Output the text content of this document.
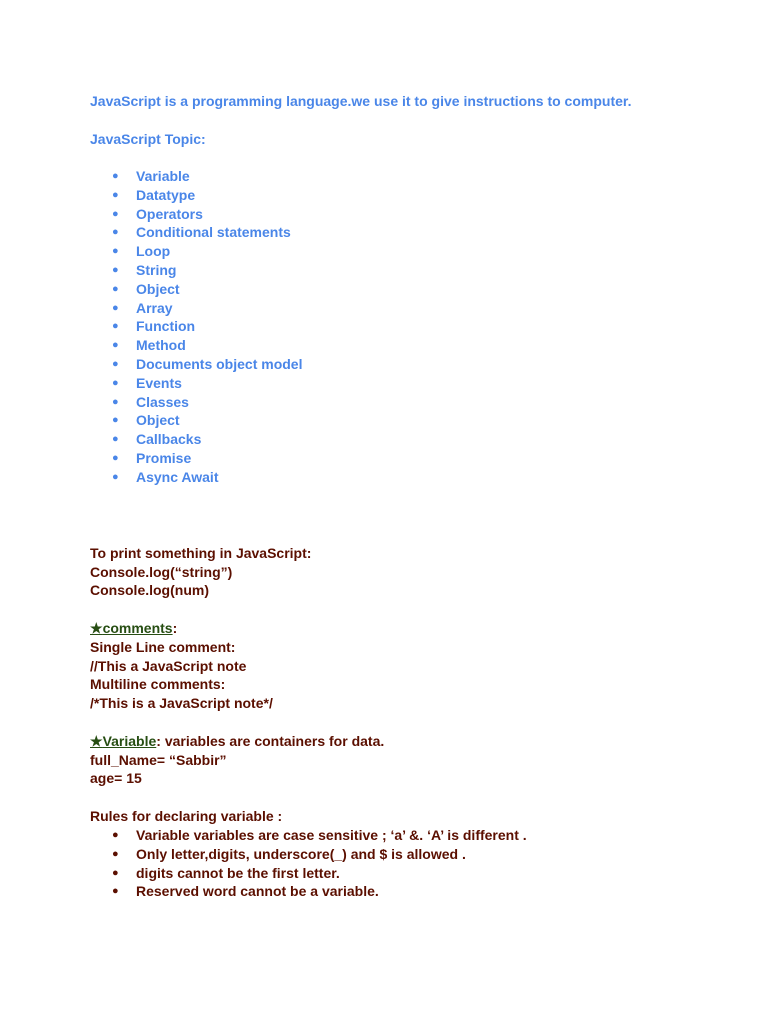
JavaScript is a programming language.we use it to give instructions to computer.

JavaScript Topic:

● Variable
● Datatype
● Operators
● Conditional statements
● Loop
● String
● Object
● Array
● Function
● Method
● Documents object model
● Events
● Classes
● Object
● Callbacks
● Promise
● Async Await

To print something in JavaScript:

Console.log(“string”)

Console.log(num)

★comments:

Single Line comment:

//This a JavaScript note

Multiline comments:

/*This is a JavaScript note*/

★Variable: variables are containers for data.

full_Name= “Sabbir”

age= 15

Rules for declaring variable :

● Variable variables are case sensitive ; ‘a’ &. ‘A’ is different .
● Only letter,digits, underscore(_) and $ is allowed .
● digits cannot be the first letter.
● Reserved word cannot be a variable.
